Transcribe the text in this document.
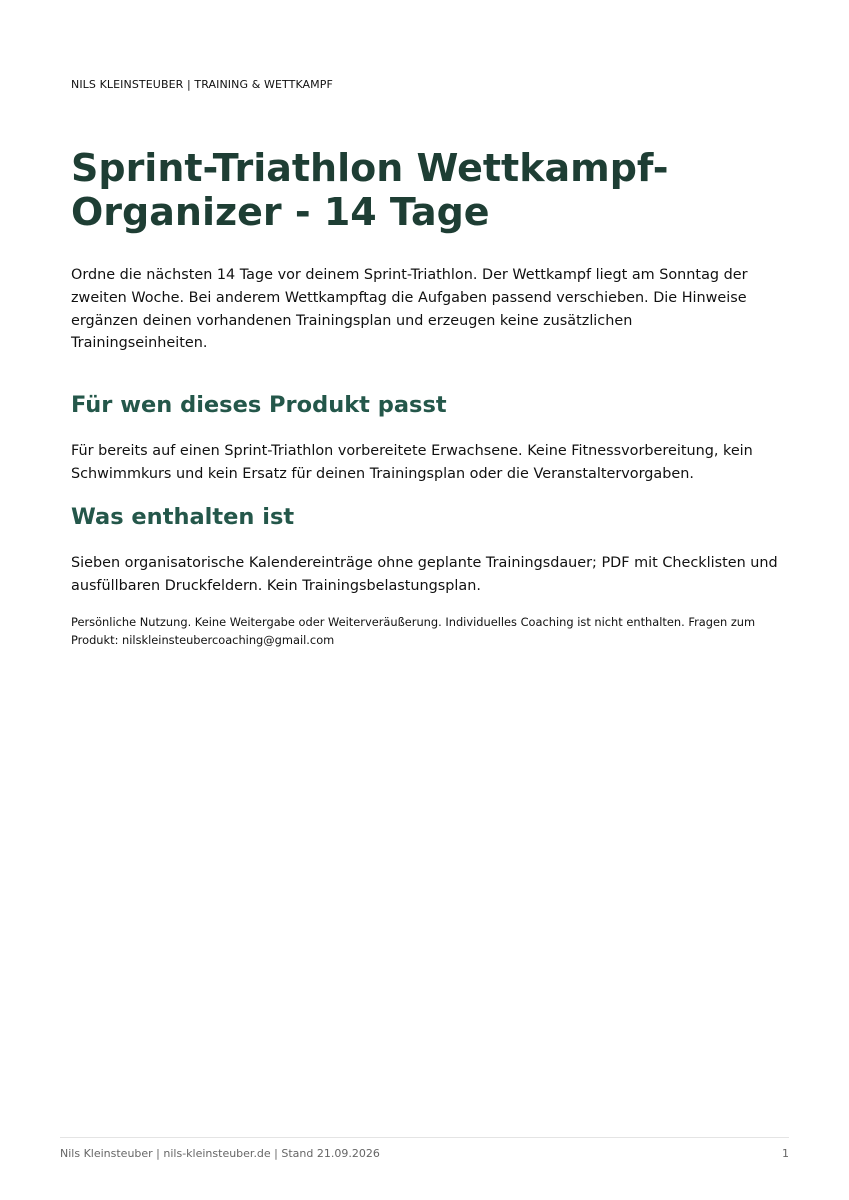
NILS KLEINSTEUBER | TRAINING & WETTKAMPF
Sprint-Triathlon Wettkampf-Organizer - 14 Tage

Ordne die nächsten 14 Tage vor deinem Sprint-Triathlon. Der Wettkampf liegt am Sonntag der zweiten Woche. Bei anderem Wettkampftag die Aufgaben passend verschieben. Die Hinweise ergänzen deinen vorhandenen Trainingsplan und erzeugen keine zusätzlichen Trainingseinheiten.

Für wen dieses Produkt passt

Für bereits auf einen Sprint-Triathlon vorbereitete Erwachsene. Keine Fitnessvorbereitung, kein Schwimmkurs und kein Ersatz für deinen Trainingsplan oder die Veranstaltervorgaben.

Was enthalten ist

Sieben organisatorische Kalendereinträge ohne geplante Trainingsdauer; PDF mit Checklisten und ausfüllbaren Druckfeldern. Kein Trainingsbelastungsplan.

Persönliche Nutzung. Keine Weitergabe oder Weiterveräußerung. Individuelles Coaching ist nicht enthalten. Fragen zum Produkt: nilskleinsteubercoaching@gmail.com

Nils Kleinsteuber | nils-kleinsteuber.de | Stand 21.09.2026	1
